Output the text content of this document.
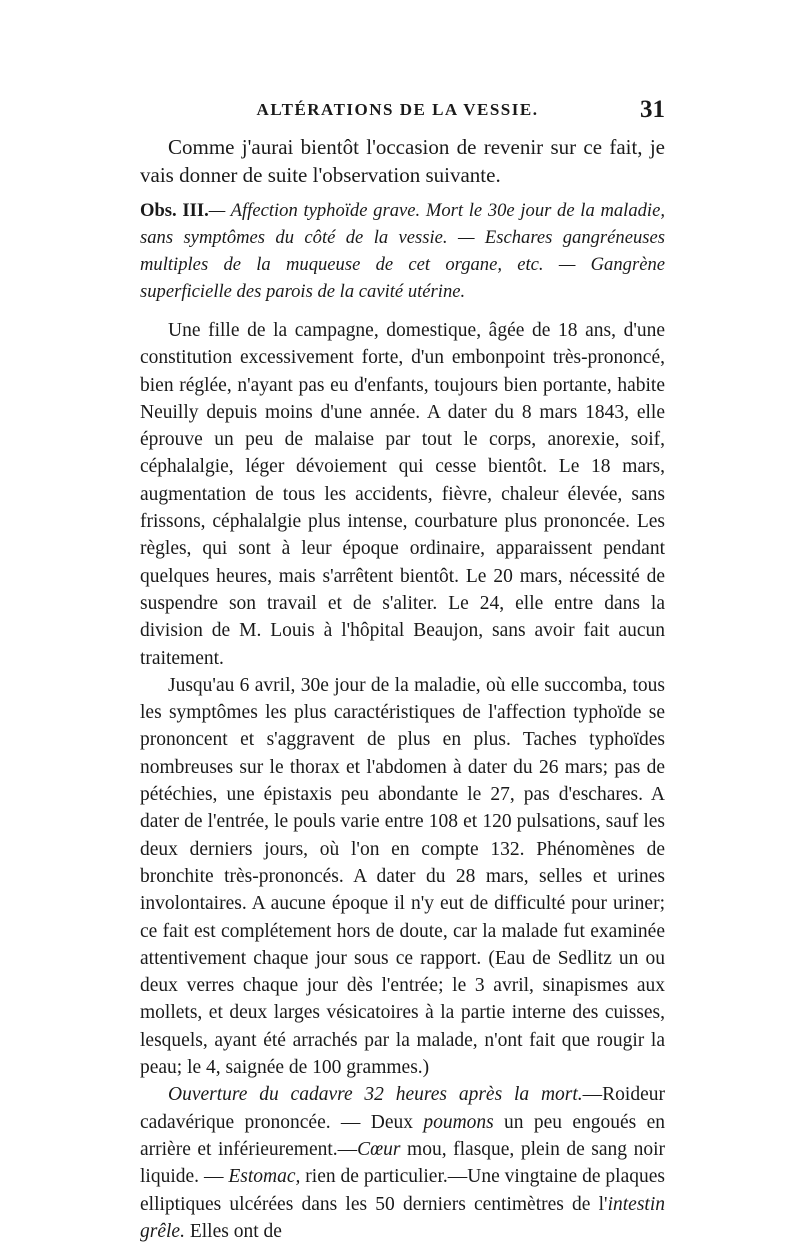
ALTÉRATIONS DE LA VESSIE.	31

Comme j'aurai bientôt l'occasion de revenir sur ce fait, je vais donner de suite l'observation suivante.

Obs. III.— Affection typhoïde grave. Mort le 30e jour de la maladie, sans symptômes du côté de la vessie. — Eschares gangréneuses multiples de la muqueuse de cet organe, etc. — Gangrène superficielle des parois de la cavité utérine.

Une fille de la campagne, domestique, âgée de 18 ans, d'une constitution excessivement forte, d'un embonpoint très-prononcé, bien réglée, n'ayant pas eu d'enfants, toujours bien portante, habite Neuilly depuis moins d'une année. A dater du 8 mars 1843, elle éprouve un peu de malaise par tout le corps, anorexie, soif, céphalalgie, léger dévoiement qui cesse bientôt. Le 18 mars, augmentation de tous les accidents, fièvre, chaleur élevée, sans frissons, céphalalgie plus intense, courbature plus prononcée. Les règles, qui sont à leur époque ordinaire, apparaissent pendant quelques heures, mais s'arrêtent bientôt. Le 20 mars, nécessité de suspendre son travail et de s'aliter. Le 24, elle entre dans la division de M. Louis à l'hôpital Beaujon, sans avoir fait aucun traitement.

Jusqu'au 6 avril, 30e jour de la maladie, où elle succomba, tous les symptômes les plus caractéristiques de l'affection typhoïde se prononcent et s'aggravent de plus en plus. Taches typhoïdes nombreuses sur le thorax et l'abdomen à dater du 26 mars; pas de pétéchies, une épistaxis peu abondante le 27, pas d'eschares. A dater de l'entrée, le pouls varie entre 108 et 120 pulsations, sauf les deux derniers jours, où l'on en compte 132. Phénomènes de bronchite très-prononcés. A dater du 28 mars, selles et urines involontaires. A aucune époque il n'y eut de difficulté pour uriner; ce fait est complétement hors de doute, car la malade fut examinée attentivement chaque jour sous ce rapport. (Eau de Sedlitz un ou deux verres chaque jour dès l'entrée; le 3 avril, sinapismes aux mollets, et deux larges vésicatoires à la partie interne des cuisses, lesquels, ayant été arrachés par la malade, n'ont fait que rougir la peau; le 4, saignée de 100 grammes.)

Ouverture du cadavre 32 heures après la mort.—Roideur cadavérique prononcée. — Deux poumons un peu engoués en arrière et inférieurement.—Cœur mou, flasque, plein de sang noir liquide. — Estomac, rien de particulier.—Une vingtaine de plaques elliptiques ulcérées dans les 50 derniers centimètres de l'intestin grêle. Elles ont de
